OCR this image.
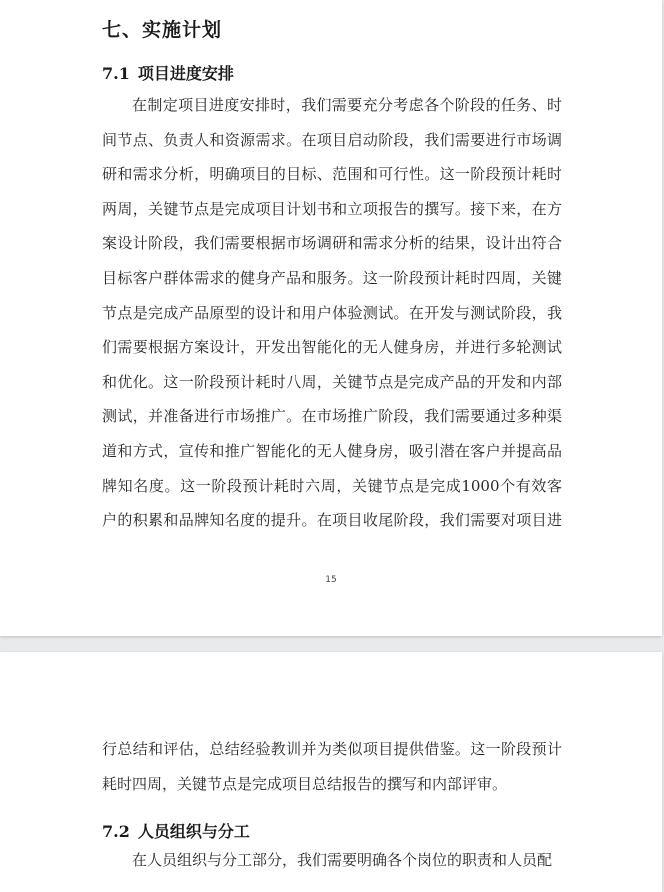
七、实施计划
7.1 项目进度安排
在制定项目进度安排时，我们需要充分考虑各个阶段的任务、时
间节点、负责人和资源需求。在项目启动阶段，我们需要进行市场调
研和需求分析，明确项目的目标、范围和可行性。这一阶段预计耗时
两周，关键节点是完成项目计划书和立项报告的撰写。接下来，在方
案设计阶段，我们需要根据市场调研和需求分析的结果，设计出符合
目标客户群体需求的健身产品和服务。这一阶段预计耗时四周，关键
节点是完成产品原型的设计和用户体验测试。在开发与测试阶段，我
们需要根据方案设计，开发出智能化的无人健身房，并进行多轮测试
和优化。这一阶段预计耗时八周，关键节点是完成产品的开发和内部
测试，并准备进行市场推广。在市场推广阶段，我们需要通过多种渠
道和方式，宣传和推广智能化的无人健身房，吸引潜在客户并提高品
牌知名度。这一阶段预计耗时六周，关键节点是完成1000个有效客
户的积累和品牌知名度的提升。在项目收尾阶段，我们需要对项目进
15
行总结和评估，总结经验教训并为类似项目提供借鉴。这一阶段预计
耗时四周，关键节点是完成项目总结报告的撰写和内部评审。
7.2 人员组织与分工
在人员组织与分工部分，我们需要明确各个岗位的职责和人员配
